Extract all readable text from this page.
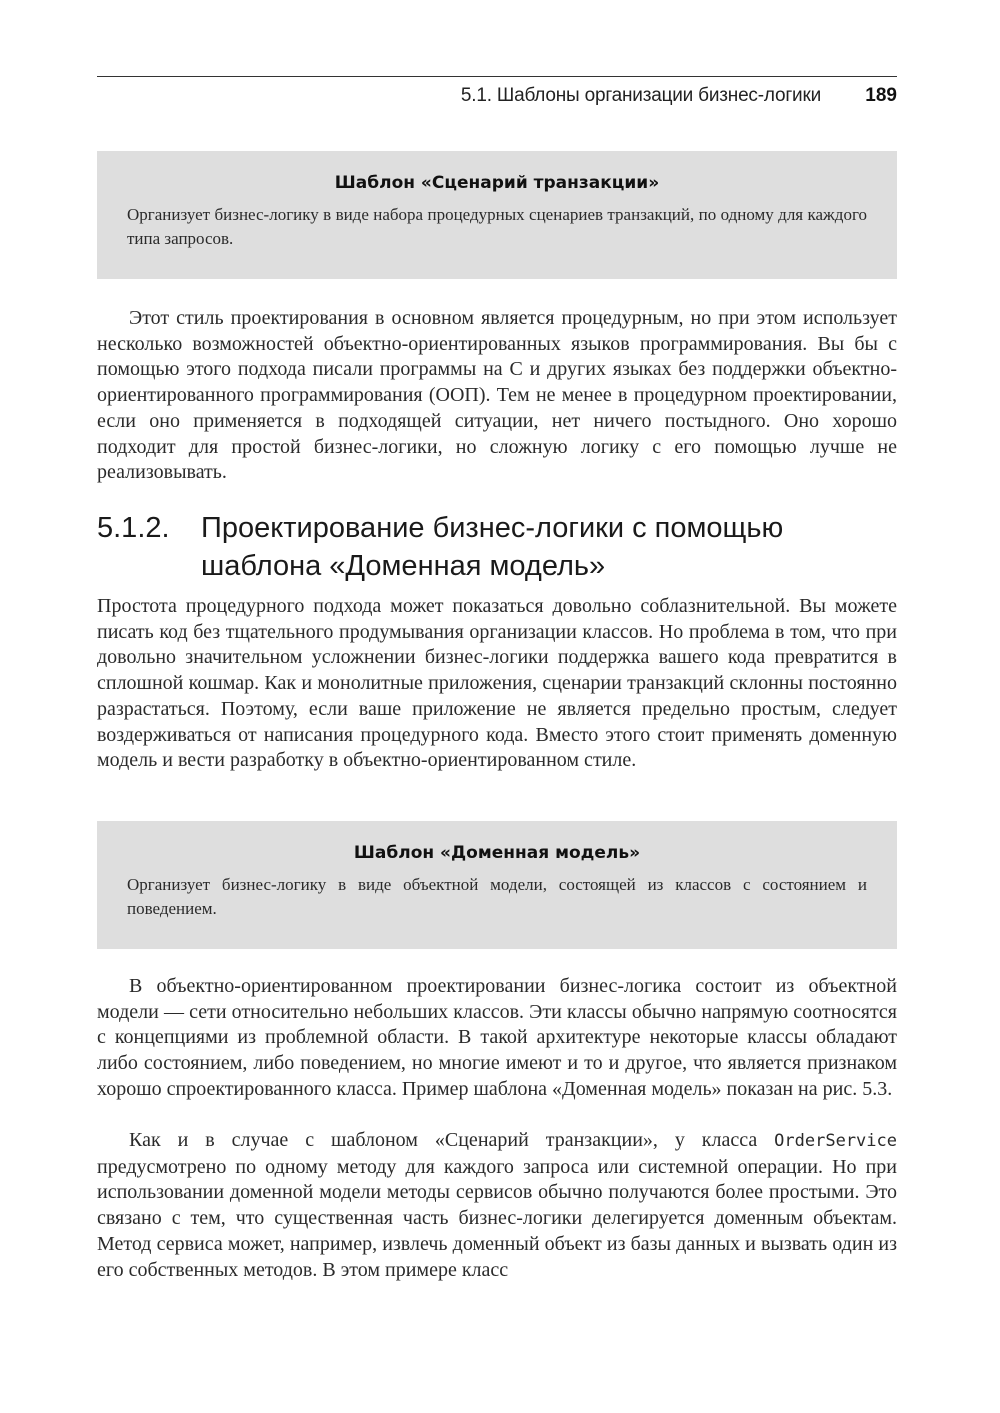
5.1. Шаблоны организации бизнес-логики 189

Шаблон «Сценарий транзакции»

Организует бизнес-логику в виде набора процедурных сценариев транзакций, по одному для каждого типа запросов.

Этот стиль проектирования в основном является процедурным, но при этом использует несколько возможностей объектно-ориентированных языков программирования. Вы бы с помощью этого подхода писали программы на C и других языках без поддержки объектно-ориентированного программирования (ООП). Тем не менее в процедурном проектировании, если оно применяется в подходящей ситуации, нет ничего постыдного. Оно хорошо подходит для простой бизнес-логики, но сложную логику с его помощью лучше не реализовывать.

5.1.2. Проектирование бизнес-логики с помощью шаблона «Доменная модель»

Простота процедурного подхода может показаться довольно соблазнительной. Вы можете писать код без тщательного продумывания организации классов. Но проблема в том, что при довольно значительном усложнении бизнес-логики поддержка вашего кода превратится в сплошной кошмар. Как и монолитные приложения, сценарии транзакций склонны постоянно разрастаться. Поэтому, если ваше приложение не является предельно простым, следует воздерживаться от написания процедурного кода. Вместо этого стоит применять доменную модель и вести разработку в объектно-ориентированном стиле.

Шаблон «Доменная модель»

Организует бизнес-логику в виде объектной модели, состоящей из классов с состоянием и поведением.

В объектно-ориентированном проектировании бизнес-логика состоит из объектной модели — сети относительно небольших классов. Эти классы обычно напрямую соотносятся с концепциями из проблемной области. В такой архитектуре некоторые классы обладают либо состоянием, либо поведением, но многие имеют и то и другое, что является признаком хорошо спроектированного класса. Пример шаблона «Доменная модель» показан на рис. 5.3.

Как и в случае с шаблоном «Сценарий транзакции», у класса OrderService предусмотрено по одному методу для каждого запроса или системной операции. Но при использовании доменной модели методы сервисов обычно получаются более простыми. Это связано с тем, что существенная часть бизнес-логики делегируется доменным объектам. Метод сервиса может, например, извлечь доменный объект из базы данных и вызвать один из его собственных методов. В этом примере класс
